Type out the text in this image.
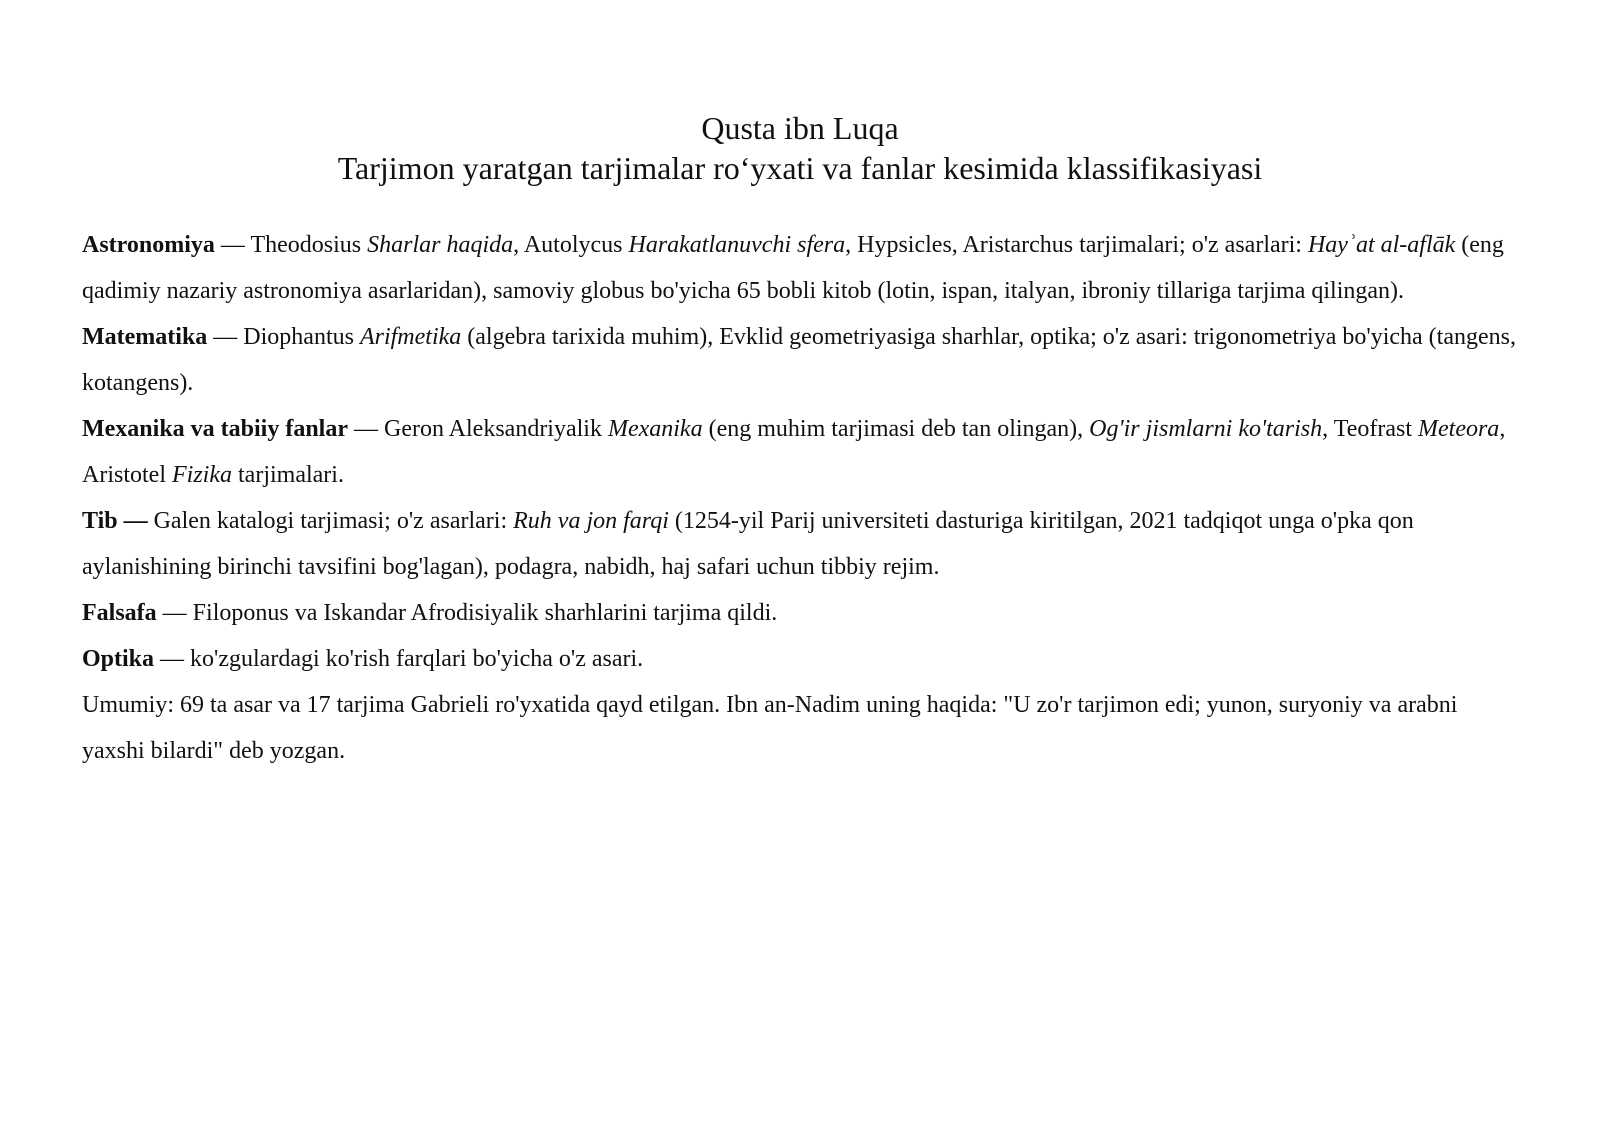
Qusta ibn Luqa
Tarjimon yaratgan tarjimalar ro‘yxati va fanlar kesimida klassifikasiyasi

Astronomiya — Theodosius Sharlar haqida, Autolycus Harakatlanuvchi sfera, Hypsicles, Aristarchus tarjimalari; o'z asarlari: Hayʾat al-aflāk (eng qadimiy nazariy astronomiya asarlaridan), samoviy globus bo'yicha 65 bobli kitob (lotin, ispan, italyan, ibroniy tillariga tarjima qilingan).

Matematika — Diophantus Arifmetika (algebra tarixida muhim), Evklid geometriyasiga sharhlar, optika; o'z asari: trigonometriya bo'yicha (tangens, kotangens).

Mexanika va tabiiy fanlar — Geron Aleksandriyalik Mexanika (eng muhim tarjimasi deb tan olingan), Og'ir jismlarni ko'tarish, Teofrast Meteora, Aristotel Fizika tarjimalari.

Tib — Galen katalogi tarjimasi; o'z asarlari: Ruh va jon farqi (1254-yil Parij universiteti dasturiga kiritilgan, 2021 tadqiqot unga o'pka qon aylanishining birinchi tavsifini bog'lagan), podagra, nabidh, haj safari uchun tibbiy rejim.

Falsafa — Filoponus va Iskandar Afrodisiyalik sharhlarini tarjima qildi.

Optika — ko'zgulardagi ko'rish farqlari bo'yicha o'z asari.

Umumiy: 69 ta asar va 17 tarjima Gabrieli ro'yxatida qayd etilgan. Ibn an-Nadim uning haqida: "U zo'r tarjimon edi; yunon, suryoniy va arabni yaxshi bilardi" deb yozgan.
